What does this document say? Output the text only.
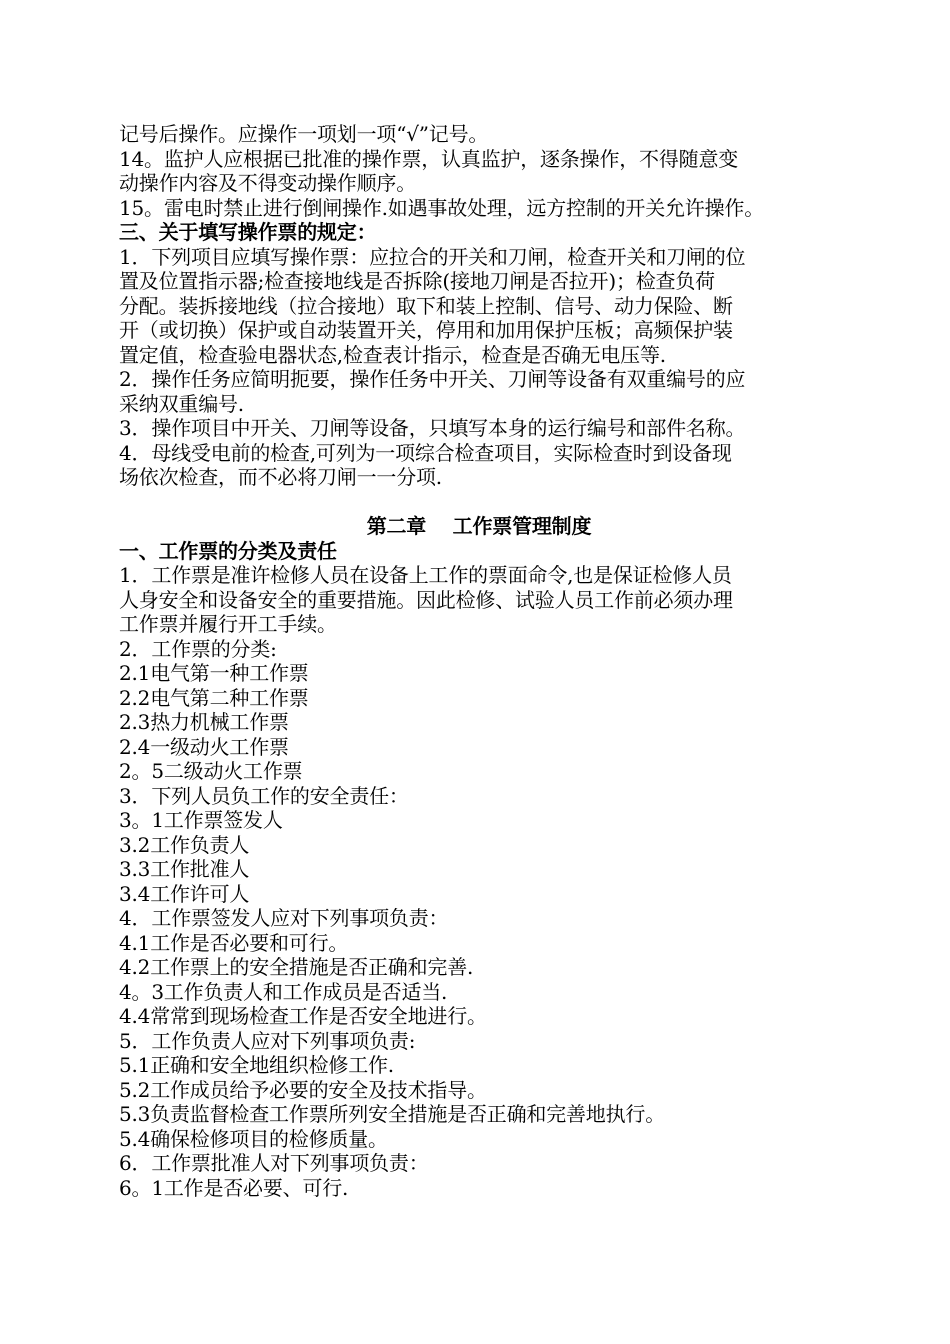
记号后操作。应操作一项划一项“√”记号。
14。监护人应根据已批准的操作票，认真监护，逐条操作，不得随意变
动操作内容及不得变动操作顺序。
15。雷电时禁止进行倒闸操作.如遇事故处理，远方控制的开关允许操作。
三、关于填写操作票的规定：
1．下列项目应填写操作票：应拉合的开关和刀闸，检查开关和刀闸的位
置及位置指示器;检查接地线是否拆除(接地刀闸是否拉开)；检查负荷
分配。装拆接地线（拉合接地）取下和装上控制、信号、动力保险、断
开（或切换）保护或自动装置开关，停用和加用保护压板；高频保护装
置定值，检查验电器状态,检查表计指示，检查是否确无电压等.
2．操作任务应简明扼要，操作任务中开关、刀闸等设备有双重编号的应
采纳双重编号.
3．操作项目中开关、刀闸等设备，只填写本身的运行编号和部件名称。
4．母线受电前的检查,可列为一项综合检查项目，实际检查时到设备现
场依次检查，而不必将刀闸一一分项.
第二章　 工作票管理制度
一、工作票的分类及责任
1．工作票是准许检修人员在设备上工作的票面命令,也是保证检修人员
人身安全和设备安全的重要措施。因此检修、试验人员工作前必须办理
工作票并履行开工手续。
2．工作票的分类:
2.1电气第一种工作票
2.2电气第二种工作票
2.3热力机械工作票
2.4一级动火工作票
2。5二级动火工作票
3．下列人员负工作的安全责任：
3。1工作票签发人
3.2工作负责人
3.3工作批准人
3.4工作许可人
4．工作票签发人应对下列事项负责：
4.1工作是否必要和可行。
4.2工作票上的安全措施是否正确和完善.
4。3工作负责人和工作成员是否适当.
4.4常常到现场检查工作是否安全地进行。
5．工作负责人应对下列事项负责:
5.1正确和安全地组织检修工作.
5.2工作成员给予必要的安全及技术指导。
5.3负责监督检查工作票所列安全措施是否正确和完善地执行。
5.4确保检修项目的检修质量。
6．工作票批准人对下列事项负责：
6。1工作是否必要、可行.
